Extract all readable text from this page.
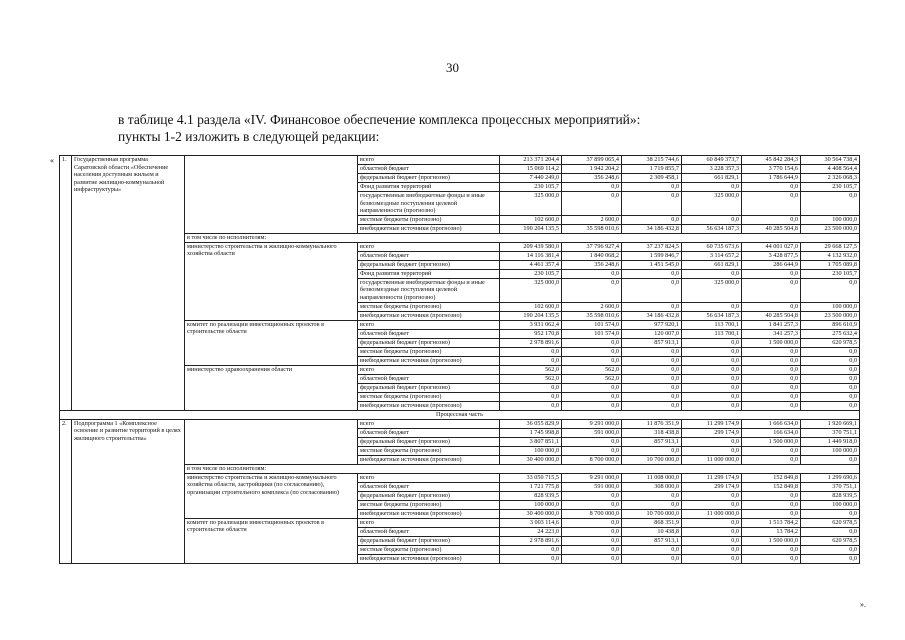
30
в таблице 4.1 раздела «IV. Финансовое обеспечение комплекса процессных мероприятий»:
пункты 1-2 изложить в следующей редакции:
«
».
1.	Государственная программа Саратовской области «Обеспечение населения доступным жильем и развитие жилищно-коммунальной инфраструктуры»		всего	213 371 204,4	37 899 065,4	38 215 744,6	60 849 373,7	45 842 284,3	30 564 738,4
			областной бюджет	15 069 114,2	1 942 204,2	1 719 855,7	3 228 357,3	3 770 154,6	4 408 564,4
			федеральный бюджет (прогнозно)	7 440 249,0	356 248,6	2 309 458,1	661 829,1	1 786 644,9	2 326 068,3
			Фонд развития территорий	230 105,7	0,0	0,0	0,0	0,0	230 105,7
			государственные внебюджетные фонды и иные безвозмездные поступления целевой направленности (прогнозно)	325 000,0	0,0	0,0	325 000,0	0,0	0,0
			местные бюджеты (прогнозно)	102 600,0	2 600,0	0,0	0,0	0,0	100 000,0
			внебюджетные источники (прогнозно)	190 204 135,5	35 598 010,6	34 186 432,8	56 634 187,3	40 285 504,8	23 500 000,0
		в том числе по исполнителям:							
		министерство строительства и жилищно-коммунального хозяйства области	всего	209 439 580,0	37 796 927,4	37 237 824,5	60 735 673,6	44 001 027,0	29 668 127,5
			областной бюджет	14 116 381,4	1 840 068,2	1 599 846,7	3 114 657,2	3 428 877,5	4 132 932,0
			федеральный бюджет (прогнозно)	4 461 357,4	356 248,6	1 451 545,0	661 829,1	286 644,9	1 705 089,8
			Фонд развития территорий	230 105,7	0,0	0,0	0,0	0,0	230 105,7
			государственные внебюджетные фонды и иные безвозмездные поступления целевой направленности (прогнозно)	325 000,0	0,0	0,0	325 000,0	0,0	0,0
			местные бюджеты (прогнозно)	102 600,0	2 600,0	0,0	0,0	0,0	100 000,0
			внебюджетные источники (прогнозно)	190 204 135,5	35 598 010,6	34 186 432,8	56 634 187,3	40 285 504,8	23 500 000,0
		комитет по реализации инвестиционных проектов в строительстве области	всего	3 931 062,4	101 574,0	977 920,1	113 700,1	1 841 257,3	896 610,9
			областной бюджет	952 170,8	101 574,0	120 007,0	113 700,1	341 257,3	275 632,4
			федеральный бюджет (прогнозно)	2 978 891,6	0,0	857 913,1	0,0	1 500 000,0	620 978,5
			местные бюджеты (прогнозно)	0,0	0,0	0,0	0,0	0,0	0,0
			внебюджетные источники (прогнозно)	0,0	0,0	0,0	0,0	0,0	0,0
		министерство здравоохранения области	всего	562,0	562,0	0,0	0,0	0,0	0,0
			областной бюджет	562,0	562,0	0,0	0,0	0,0	0,0
			федеральный бюджет (прогнозно)	0,0	0,0	0,0	0,0	0,0	0,0
			местные бюджеты (прогнозно)	0,0	0,0	0,0	0,0	0,0	0,0
			внебюджетные источники (прогнозно)	0,0	0,0	0,0	0,0	0,0	0,0
Процессная часть									
2.	Подпрограмма 1 «Комплексное освоение и развитие территорий в целях жилищного строительства»		всего	36 055 829,9	9 291 000,0	11 876 351,9	11 299 174,9	1 666 634,0	1 920 669,1
			областной бюджет	1 745 998,8	591 000,0	318 438,8	299 174,9	166 634,0	370 751,1
			федеральный бюджет (прогнозно)	3 807 851,1	0,0	857 913,1	0,0	1 500 000,0	1 449 918,0
			местные бюджеты (прогнозно)	100 000,0	0,0	0,0	0,0	0,0	100 000,0
			внебюджетные источники (прогнозно)	30 400 000,0	8 700 000,0	10 700 000,0	11 000 000,0	0,0	0,0
		в том числе по исполнителям:							
		министерство строительства и жилищно-коммунального хозяйства области, застройщики (по согласованию), организации строительного комплекса (по согласованию)	всего	33 050 715,5	9 291 000,0	11 008 000,0	11 299 174,9	152 849,8	1 299 690,6
			областной бюджет	1 721 775,8	591 000,0	308 000,0	299 174,9	152 849,8	370 751,1
			федеральный бюджет (прогнозно)	828 939,5	0,0	0,0	0,0	0,0	828 939,5
			местные бюджеты (прогнозно)	100 000,0	0,0	0,0	0,0	0,0	100 000,0
			внебюджетные источники (прогнозно)	30 400 000,0	8 700 000,0	10 700 000,0	11 000 000,0	0,0	0,0
		комитет по реализации инвестиционных проектов в строительстве области	всего	3 003 114,6	0,0	868 351,9	0,0	1 513 784,2	620 978,5
			областной бюджет	24 223,0	0,0	10 438,8	0,0	13 784,2	0,0
			федеральный бюджет (прогнозно)	2 978 891,6	0,0	857 913,1	0,0	1 500 000,0	620 978,5
			местные бюджеты (прогнозно)	0,0	0,0	0,0	0,0	0,0	0,0
			внебюджетные источники (прогнозно)	0,0	0,0	0,0	0,0	0,0	0,0
